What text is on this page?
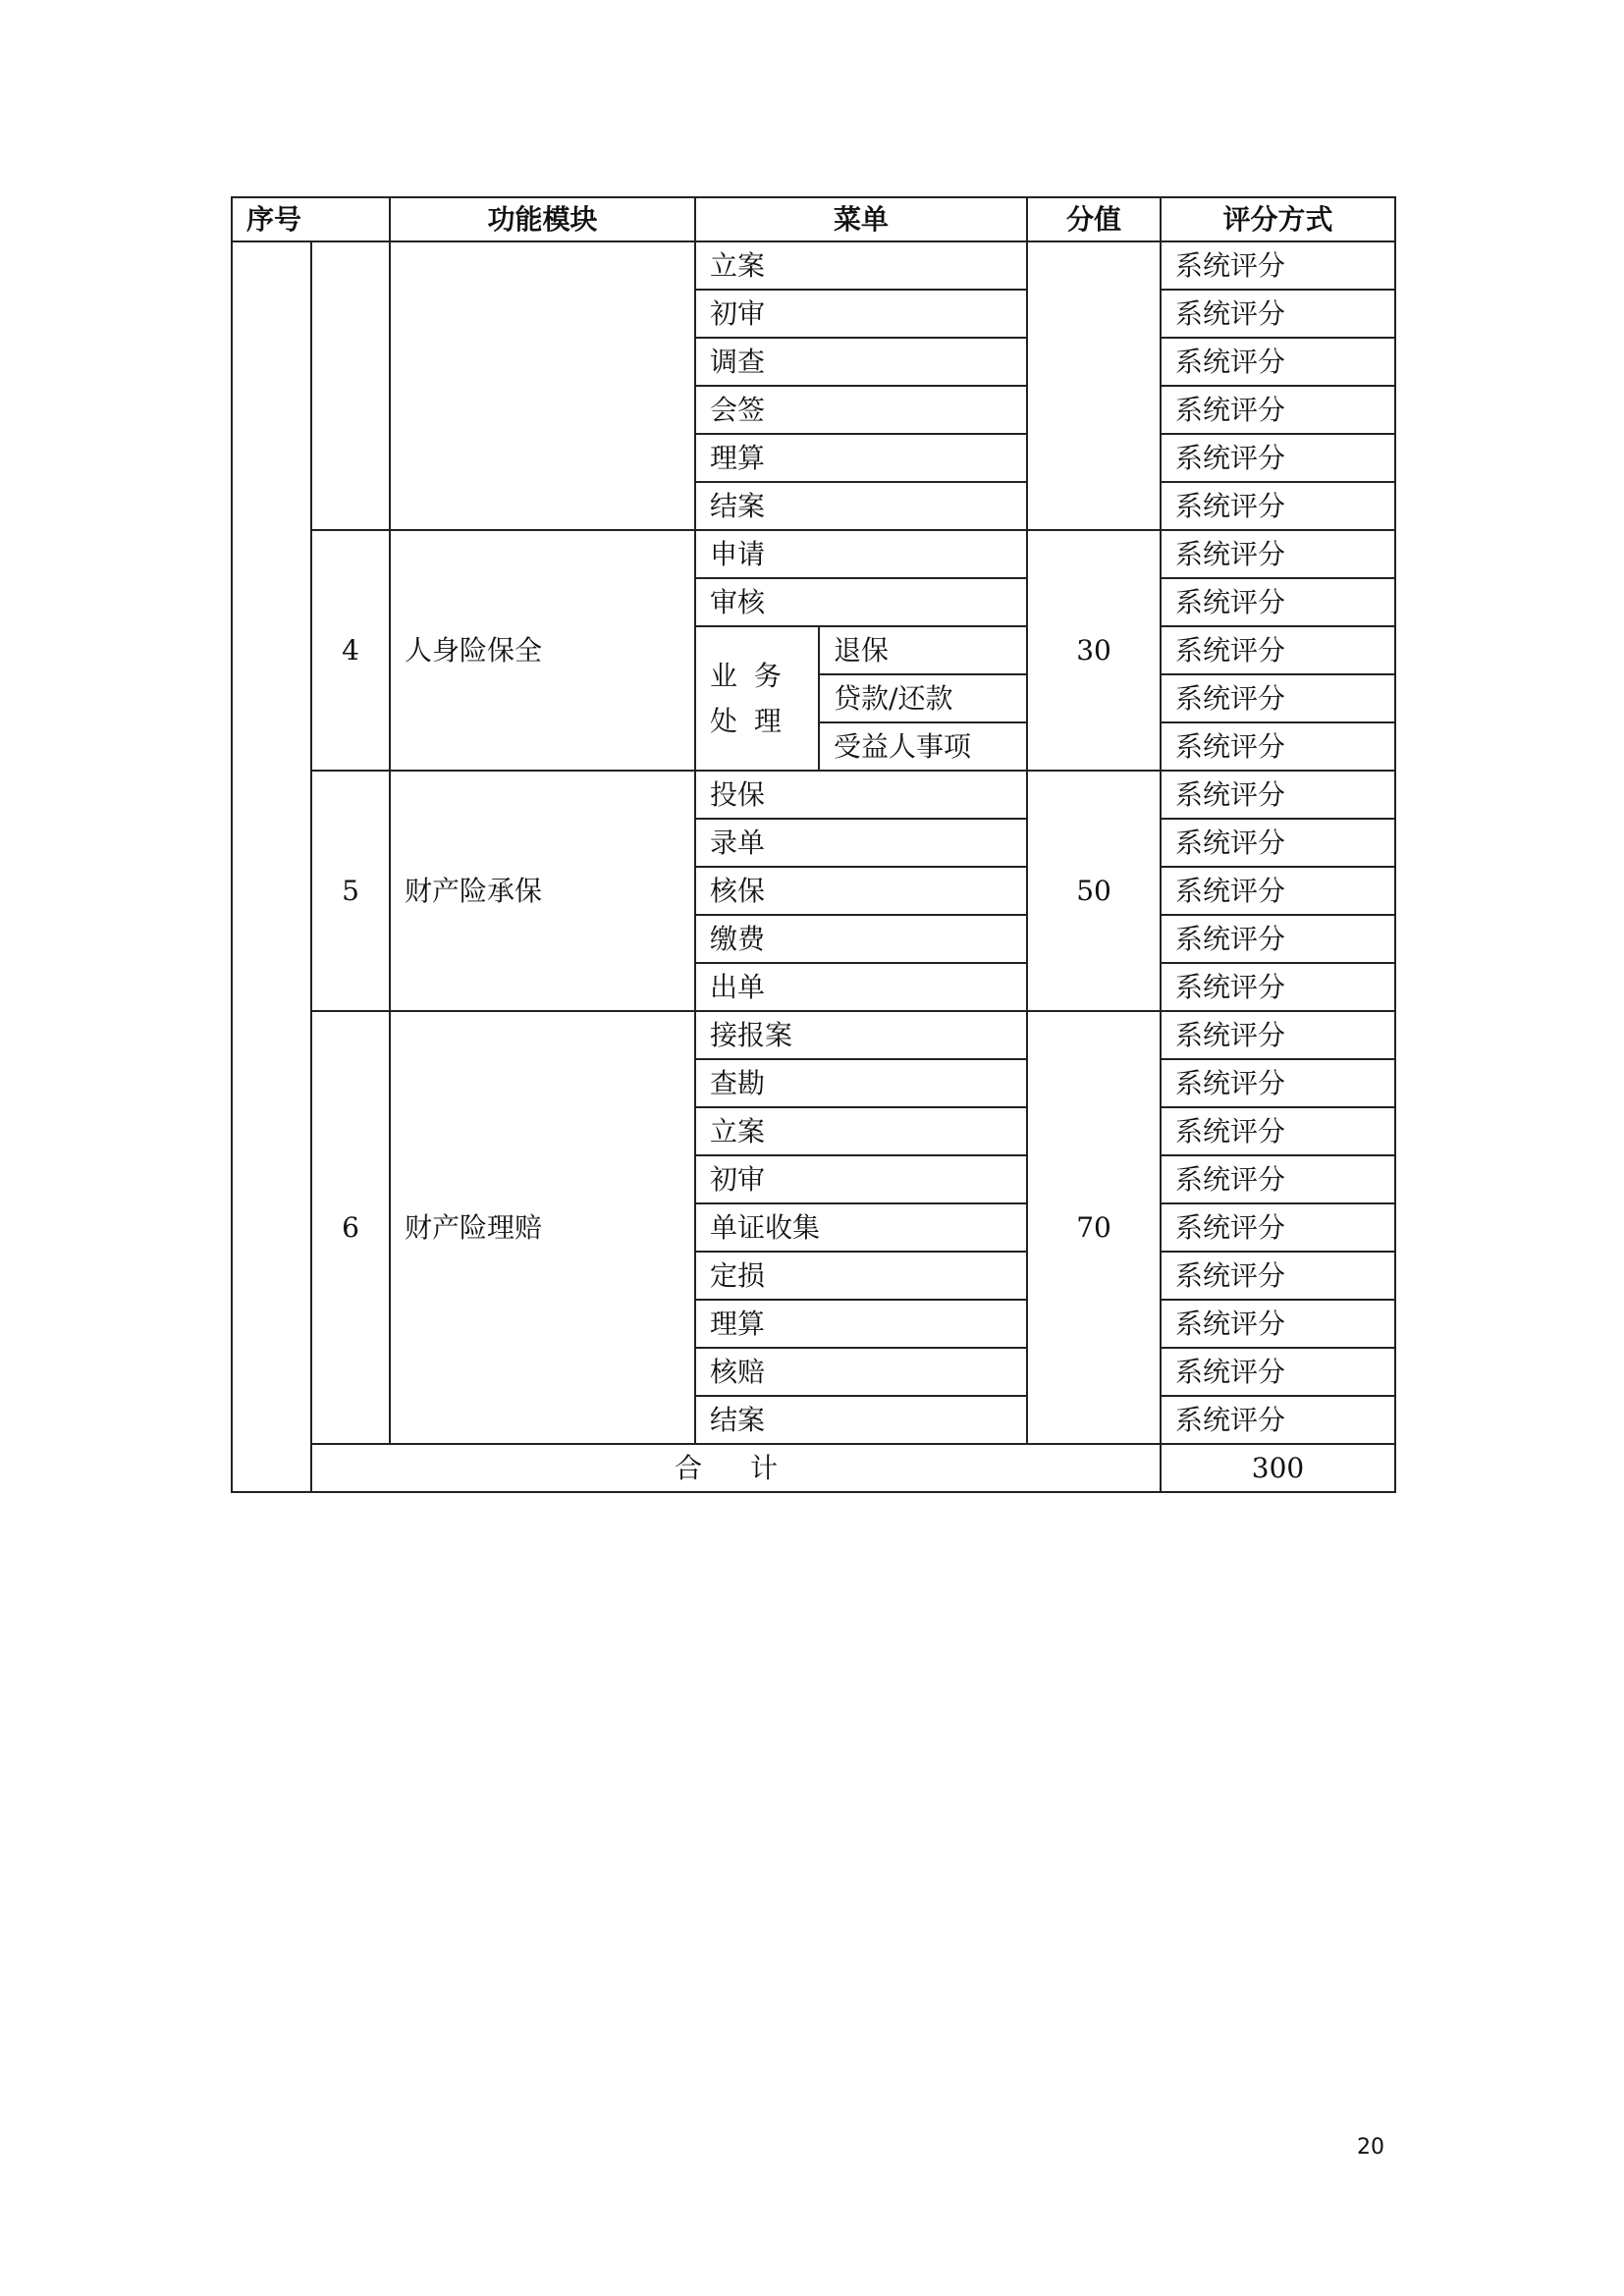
序号		功能模块	菜单		分值	评分方式	
			立案			系统评分	
			初审			系统评分	
			调查			系统评分	
			会签			系统评分	
			理算			系统评分	
			结案			系统评分	
	4	人身险保全	申请		30	系统评分	
			审核			系统评分	
			业 务 处 理	退保		系统评分	
				贷款/还款		系统评分	
				受益人事项		系统评分	
	5	财产险承保	投保		50	系统评分	
			录单			系统评分	
			核保			系统评分	
			缴费			系统评分	
			出单			系统评分	
	6	财产险理赔	接报案		70	系统评分	
			查勘			系统评分	
			立案			系统评分	
			初审			系统评分	
			单证收集			系统评分	
			定损			系统评分	
			理算			系统评分	
			核赔			系统评分	
			结案			系统评分	
	合 计					300	
20
